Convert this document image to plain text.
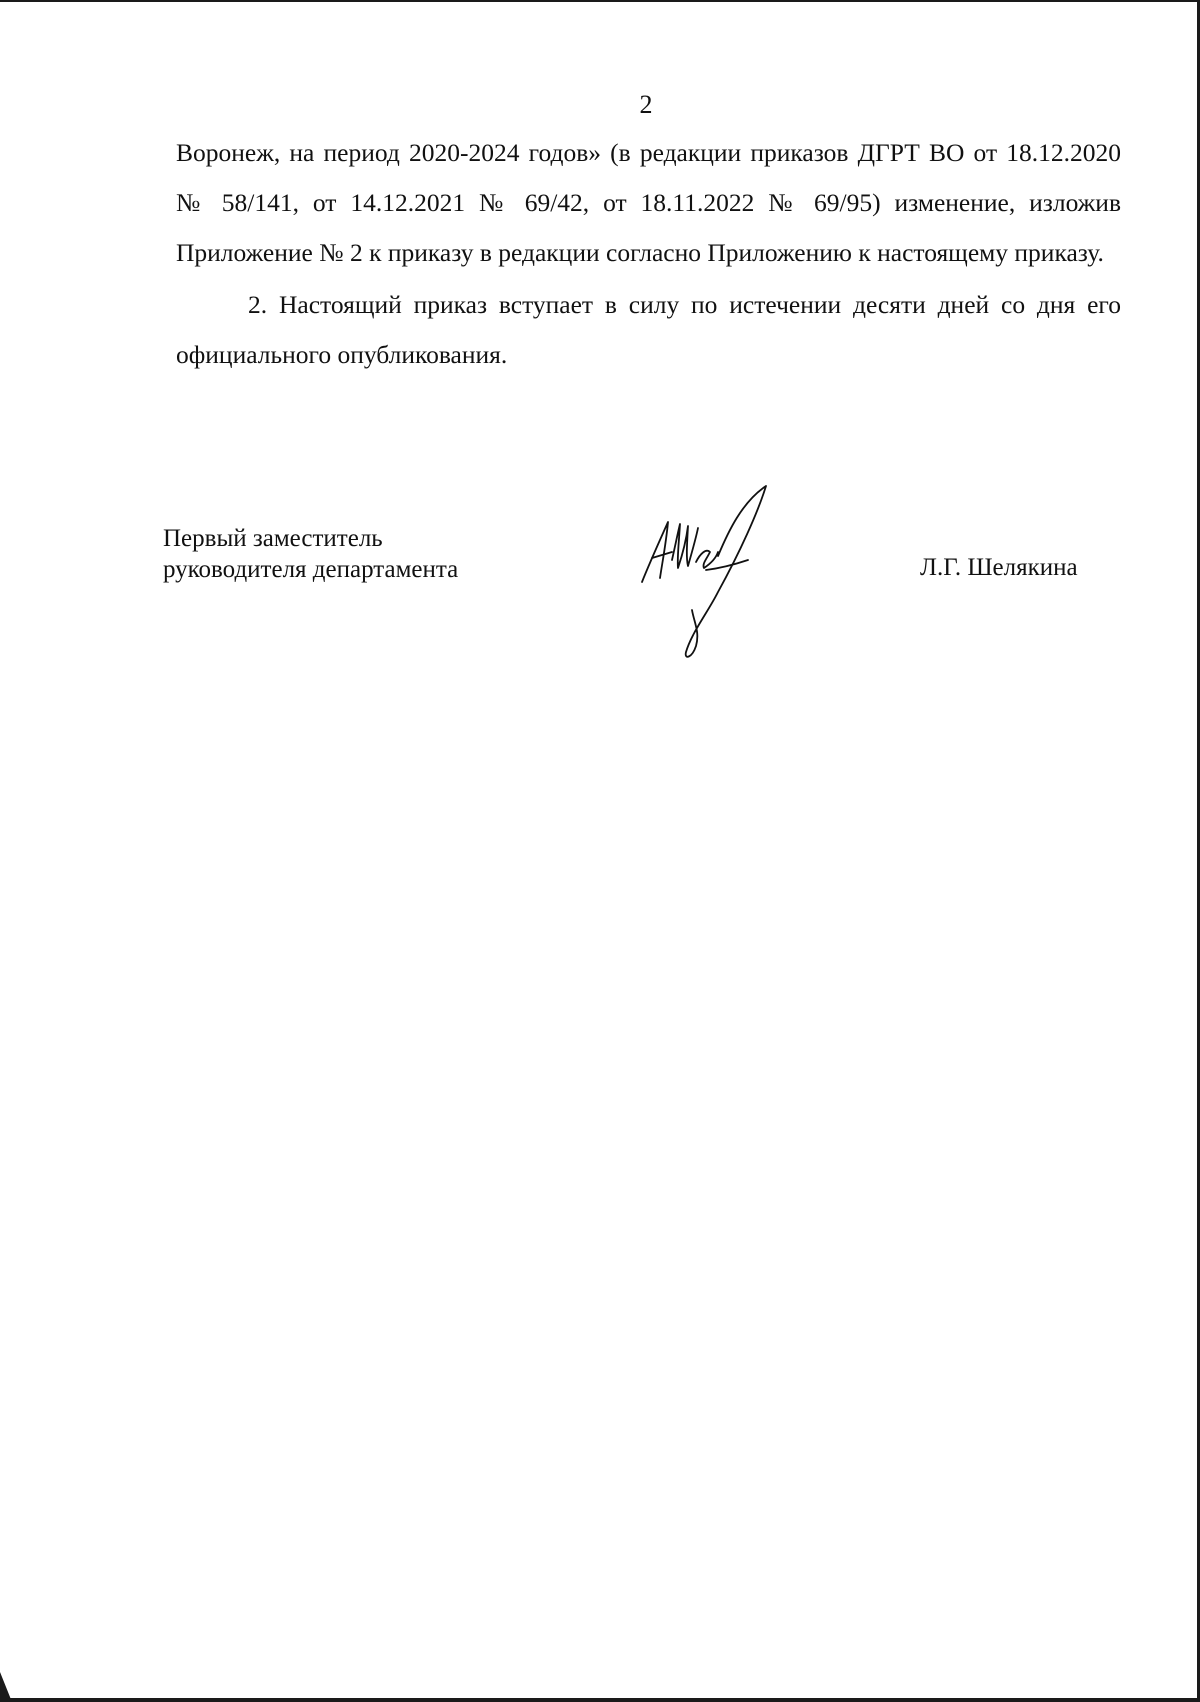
2

Воронеж, на период 2020-2024 годов» (в редакции приказов ДГРТ ВО от 18.12.2020 № 58/141, от 14.12.2021 № 69/42, от 18.11.2022 № 69/95) изменение, изложив Приложение № 2 к приказу в редакции согласно Приложению к настоящему приказу.

2. Настоящий приказ вступает в силу по истечении десяти дней со дня его официального опубликования.

Первый заместитель
руководителя департамента	Л.Г. Шелякина
